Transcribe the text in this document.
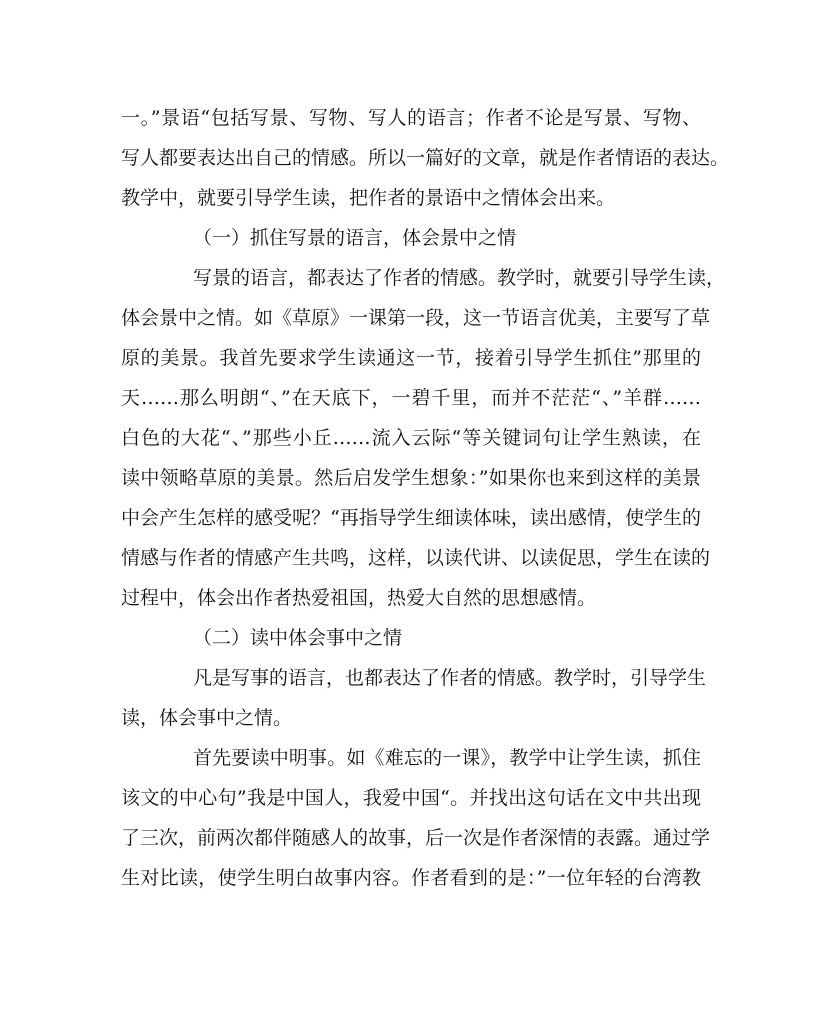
一。”景语“包括写景、写物、写人的语言；作者不论是写景、写物、
写人都要表达出自己的情感。所以一篇好的文章，就是作者情语的表达。
教学中，就要引导学生读，把作者的景语中之情体会出来。
（一）抓住写景的语言，体会景中之情
写景的语言，都表达了作者的情感。教学时，就要引导学生读，
体会景中之情。如《草原》一课第一段，这一节语言优美，主要写了草
原的美景。我首先要求学生读通这一节，接着引导学生抓住”那里的
天……那么明朗“、”在天底下，一碧千里，而并不茫茫“、”羊群……
白色的大花“、”那些小丘……流入云际“等关键词句让学生熟读，在
读中领略草原的美景。然后启发学生想象：”如果你也来到这样的美景
中会产生怎样的感受呢？“再指导学生细读体味，读出感情，使学生的
情感与作者的情感产生共鸣，这样，以读代讲、以读促思，学生在读的
过程中，体会出作者热爱祖国，热爱大自然的思想感情。
（二）读中体会事中之情
凡是写事的语言，也都表达了作者的情感。教学时，引导学生
读，体会事中之情。
首先要读中明事。如《难忘的一课》，教学中让学生读，抓住
该文的中心句”我是中国人，我爱中国“。并找出这句话在文中共出现
了三次，前两次都伴随感人的故事，后一次是作者深情的表露。通过学
生对比读，使学生明白故事内容。作者看到的是：”一位年轻的台湾教
